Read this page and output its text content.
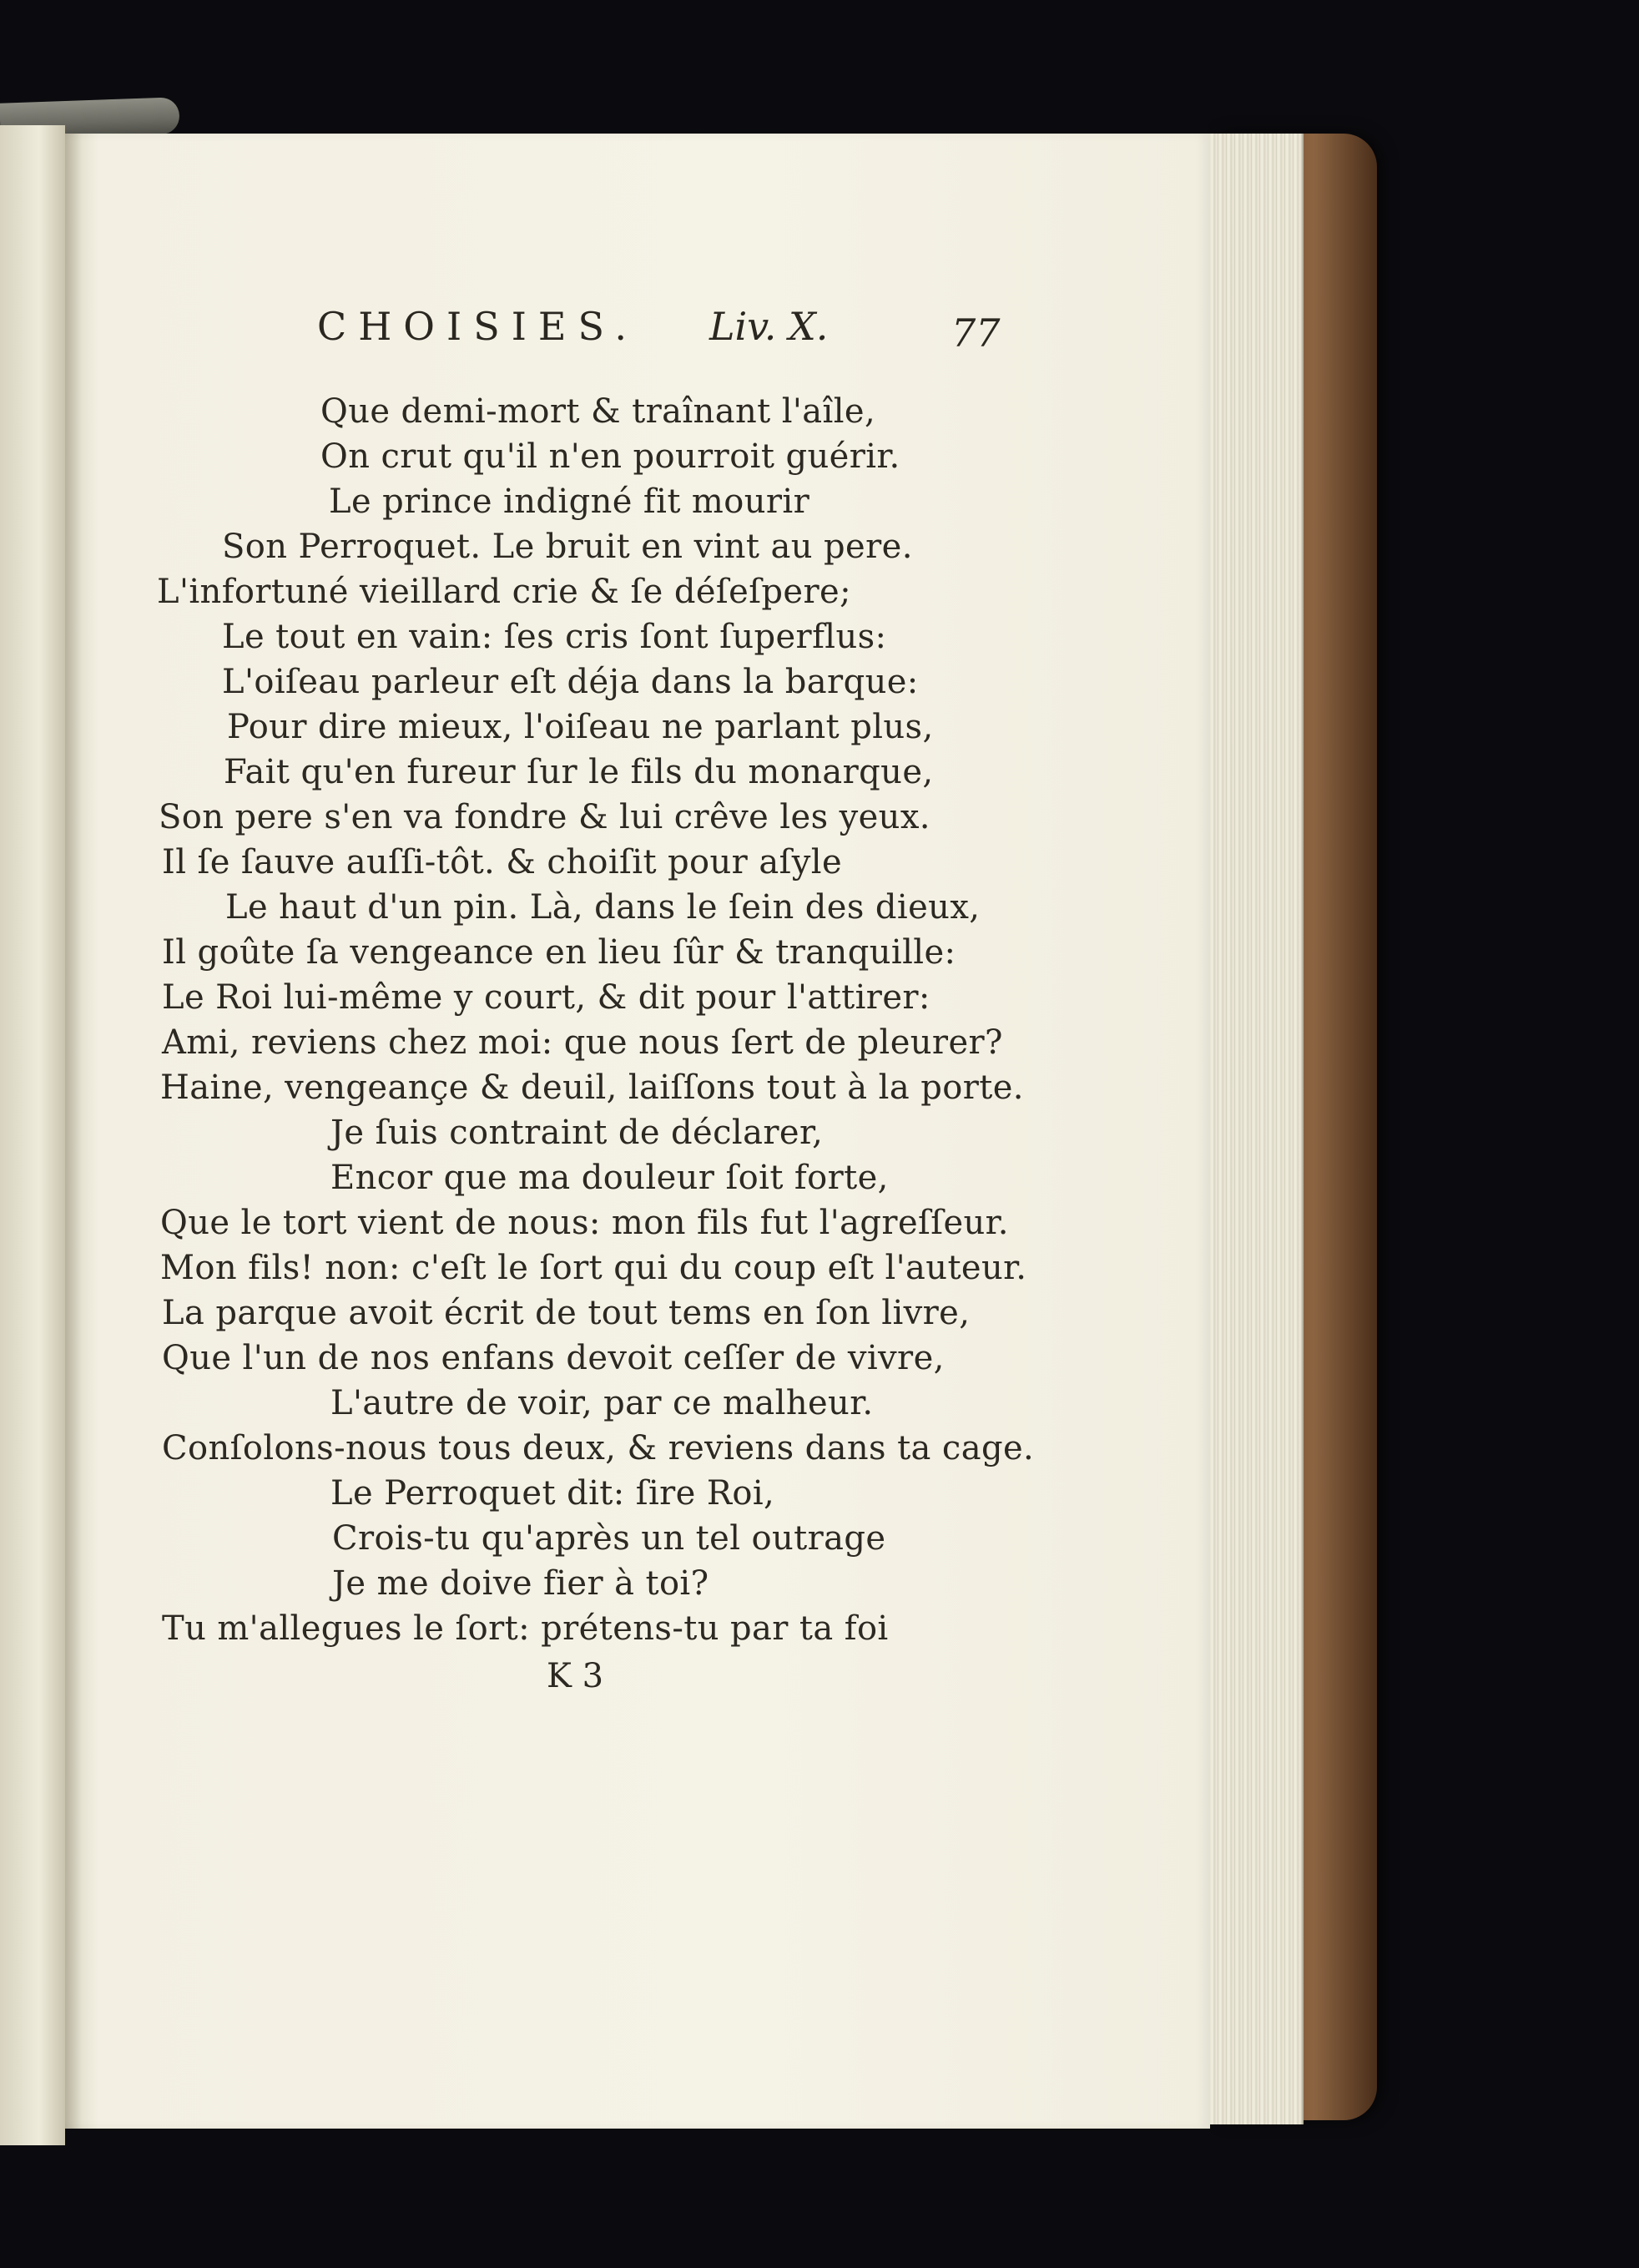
CHOISIES. Liv. X.	77
Que demi-mort & traînant l'aîle,
On crut qu'il n'en pourroit guérir.
Le prince indigné fit mourir
Son Perroquet. Le bruit en vint au pere.
L'infortuné vieillard crie & ſe déſeſpere;
Le tout en vain: ſes cris ſont ſuperflus:
L'oiſeau parleur eſt déja dans la barque:
Pour dire mieux, l'oiſeau ne parlant plus,
Fait qu'en fureur ſur le fils du monarque,
Son pere s'en va fondre & lui crêve les yeux.
Il ſe ſauve auſſi-tôt. & choiſit pour aſyle
Le haut d'un pin. Là, dans le ſein des dieux,
Il goûte ſa vengeance en lieu ſûr & tranquille:
Le Roi lui-même y court, & dit pour l'attirer:
Ami, reviens chez moi: que nous ſert de pleurer?
Haine, vengeançe & deuil, laiſſons tout à la porte.
Je ſuis contraint de déclarer,
Encor que ma douleur ſoit forte,
Que le tort vient de nous: mon fils fut l'agreſſeur.
Mon fils! non: c'eſt le ſort qui du coup eſt l'auteur.
La parque avoit écrit de tout tems en ſon livre,
Que l'un de nos enfans devoit ceſſer de vivre,
L'autre de voir, par ce malheur.
Conſolons-nous tous deux, & reviens dans ta cage.
Le Perroquet dit: ſire Roi,
Crois-tu qu'après un tel outrage
Je me doive fier à toi?
Tu m'allegues le ſort: prétens-tu par ta foi
K 3
